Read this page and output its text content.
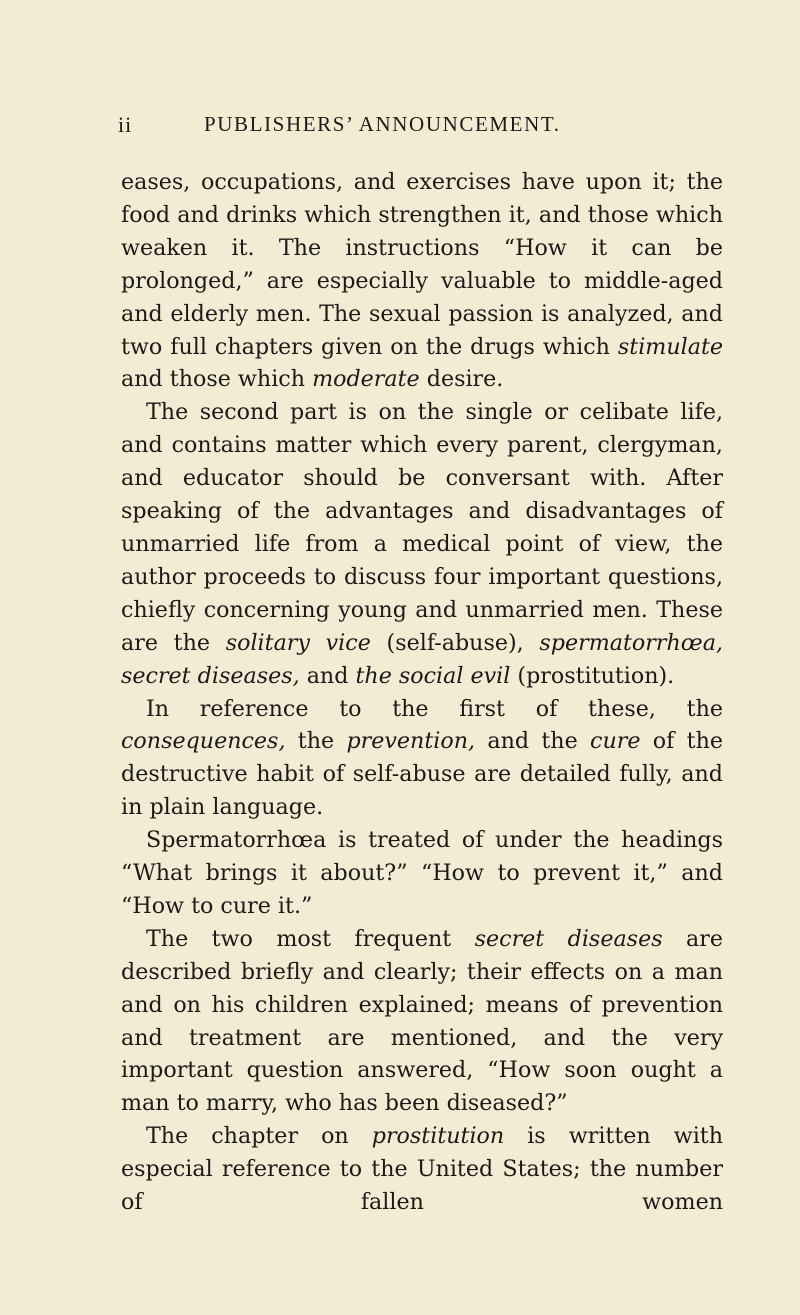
ii	PUBLISHERS’ ANNOUNCEMENT.

eases, occupations, and exercises have upon it; the food and drinks which strengthen it, and those which weaken it. The instructions “How it can be prolonged,” are especially valuable to middle-aged and elderly men. The sexual passion is analyzed, and two full chapters given on the drugs which stimulate and those which moderate desire.

The second part is on the single or celibate life, and contains matter which every parent, clergyman, and educator should be conversant with. After speaking of the advantages and disadvantages of unmarried life from a medical point of view, the author proceeds to discuss four important questions, chiefly concerning young and unmarried men. These are the solitary vice (self-abuse), spermatorrhœa, secret diseases, and the social evil (prostitution).

In reference to the first of these, the consequences, the prevention, and the cure of the destructive habit of self-abuse are detailed fully, and in plain language.

Spermatorrhœa is treated of under the headings “What brings it about?” “How to prevent it,” and “How to cure it.”

The two most frequent secret diseases are described briefly and clearly; their effects on a man and on his children explained; means of prevention and treatment are mentioned, and the very important question answered, “How soon ought a man to marry, who has been diseased?”

The chapter on prostitution is written with especial reference to the United States; the number of fallen women
